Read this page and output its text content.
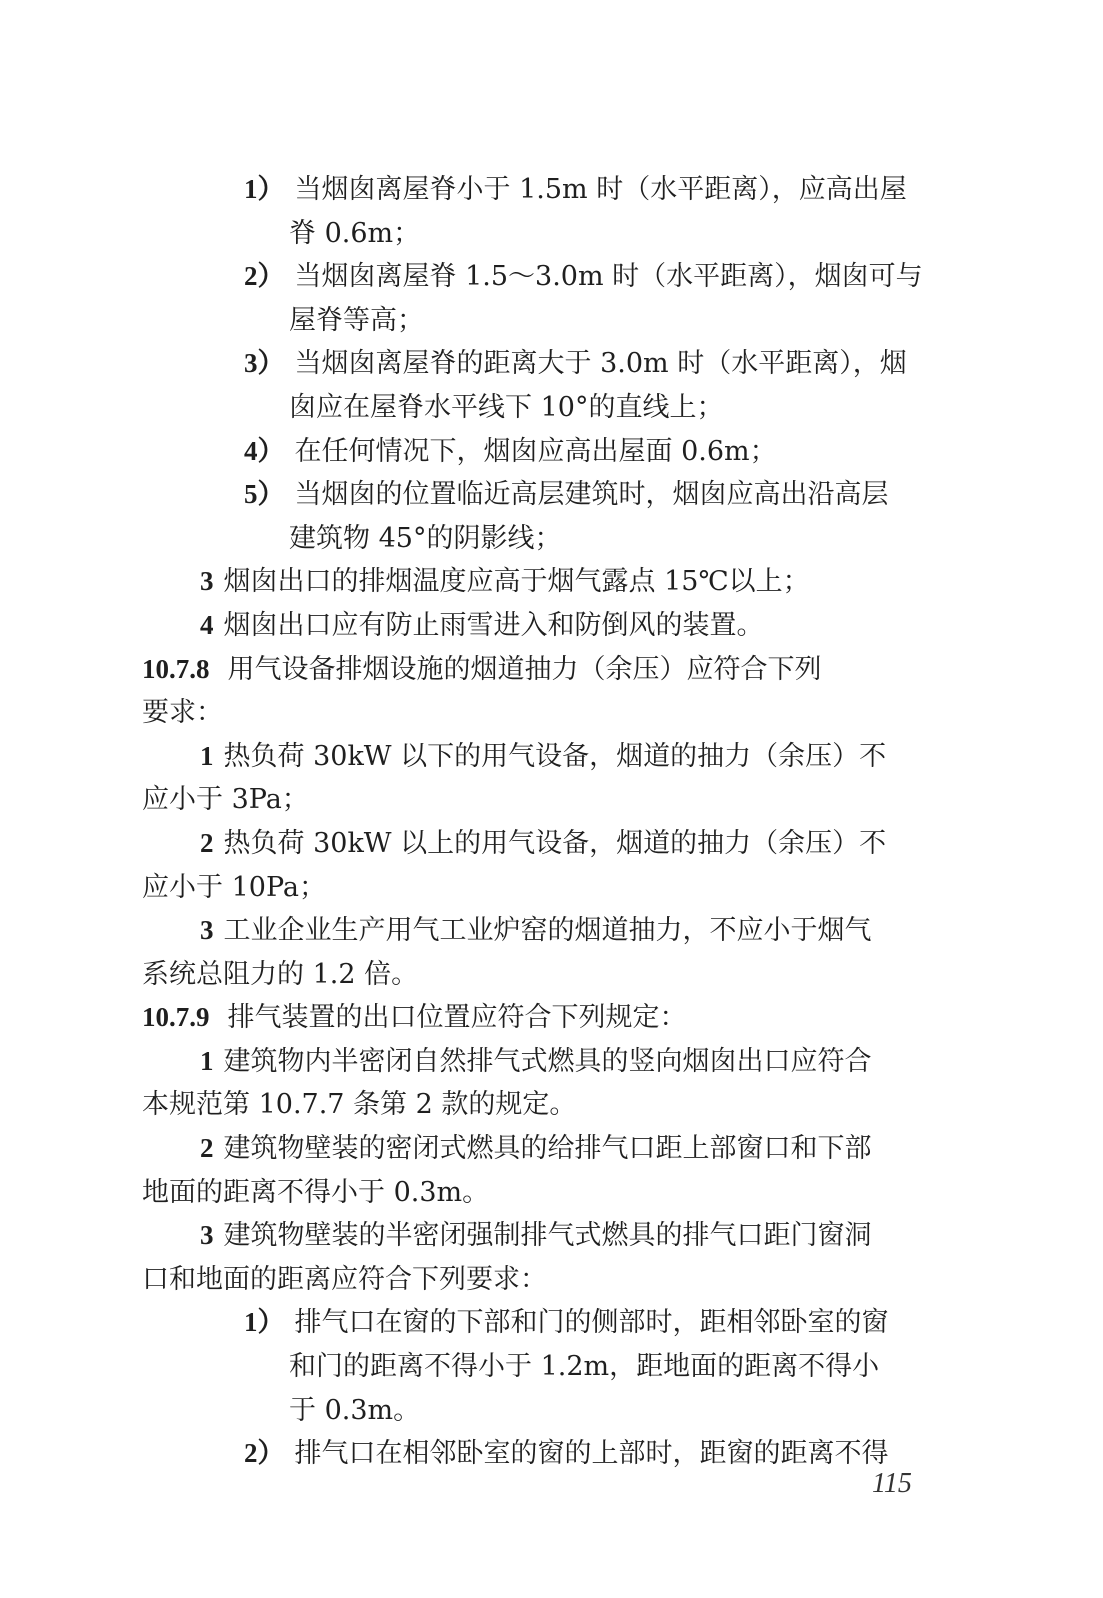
1） 当烟囱离屋脊小于 1.5m 时（水平距离），应高出屋
脊 0.6m；
2） 当烟囱离屋脊 1.5～3.0m 时（水平距离），烟囱可与
屋脊等高；
3） 当烟囱离屋脊的距离大于 3.0m 时（水平距离），烟
囱应在屋脊水平线下 10°的直线上；
4） 在任何情况下，烟囱应高出屋面 0.6m；
5） 当烟囱的位置临近高层建筑时，烟囱应高出沿高层
建筑物 45°的阴影线；
3 烟囱出口的排烟温度应高于烟气露点 15℃以上；
4 烟囱出口应有防止雨雪进入和防倒风的装置。
10.7.8 用气设备排烟设施的烟道抽力（余压）应符合下列
要求：
1 热负荷 30kW 以下的用气设备，烟道的抽力（余压）不
应小于 3Pa；
2 热负荷 30kW 以上的用气设备，烟道的抽力（余压）不
应小于 10Pa；
3 工业企业生产用气工业炉窑的烟道抽力，不应小于烟气
系统总阻力的 1.2 倍。
10.7.9 排气装置的出口位置应符合下列规定：
1 建筑物内半密闭自然排气式燃具的竖向烟囱出口应符合
本规范第 10.7.7 条第 2 款的规定。
2 建筑物壁装的密闭式燃具的给排气口距上部窗口和下部
地面的距离不得小于 0.3m。
3 建筑物壁装的半密闭强制排气式燃具的排气口距门窗洞
口和地面的距离应符合下列要求：
1） 排气口在窗的下部和门的侧部时，距相邻卧室的窗
和门的距离不得小于 1.2m，距地面的距离不得小
于 0.3m。
2） 排气口在相邻卧室的窗的上部时，距窗的距离不得
115
